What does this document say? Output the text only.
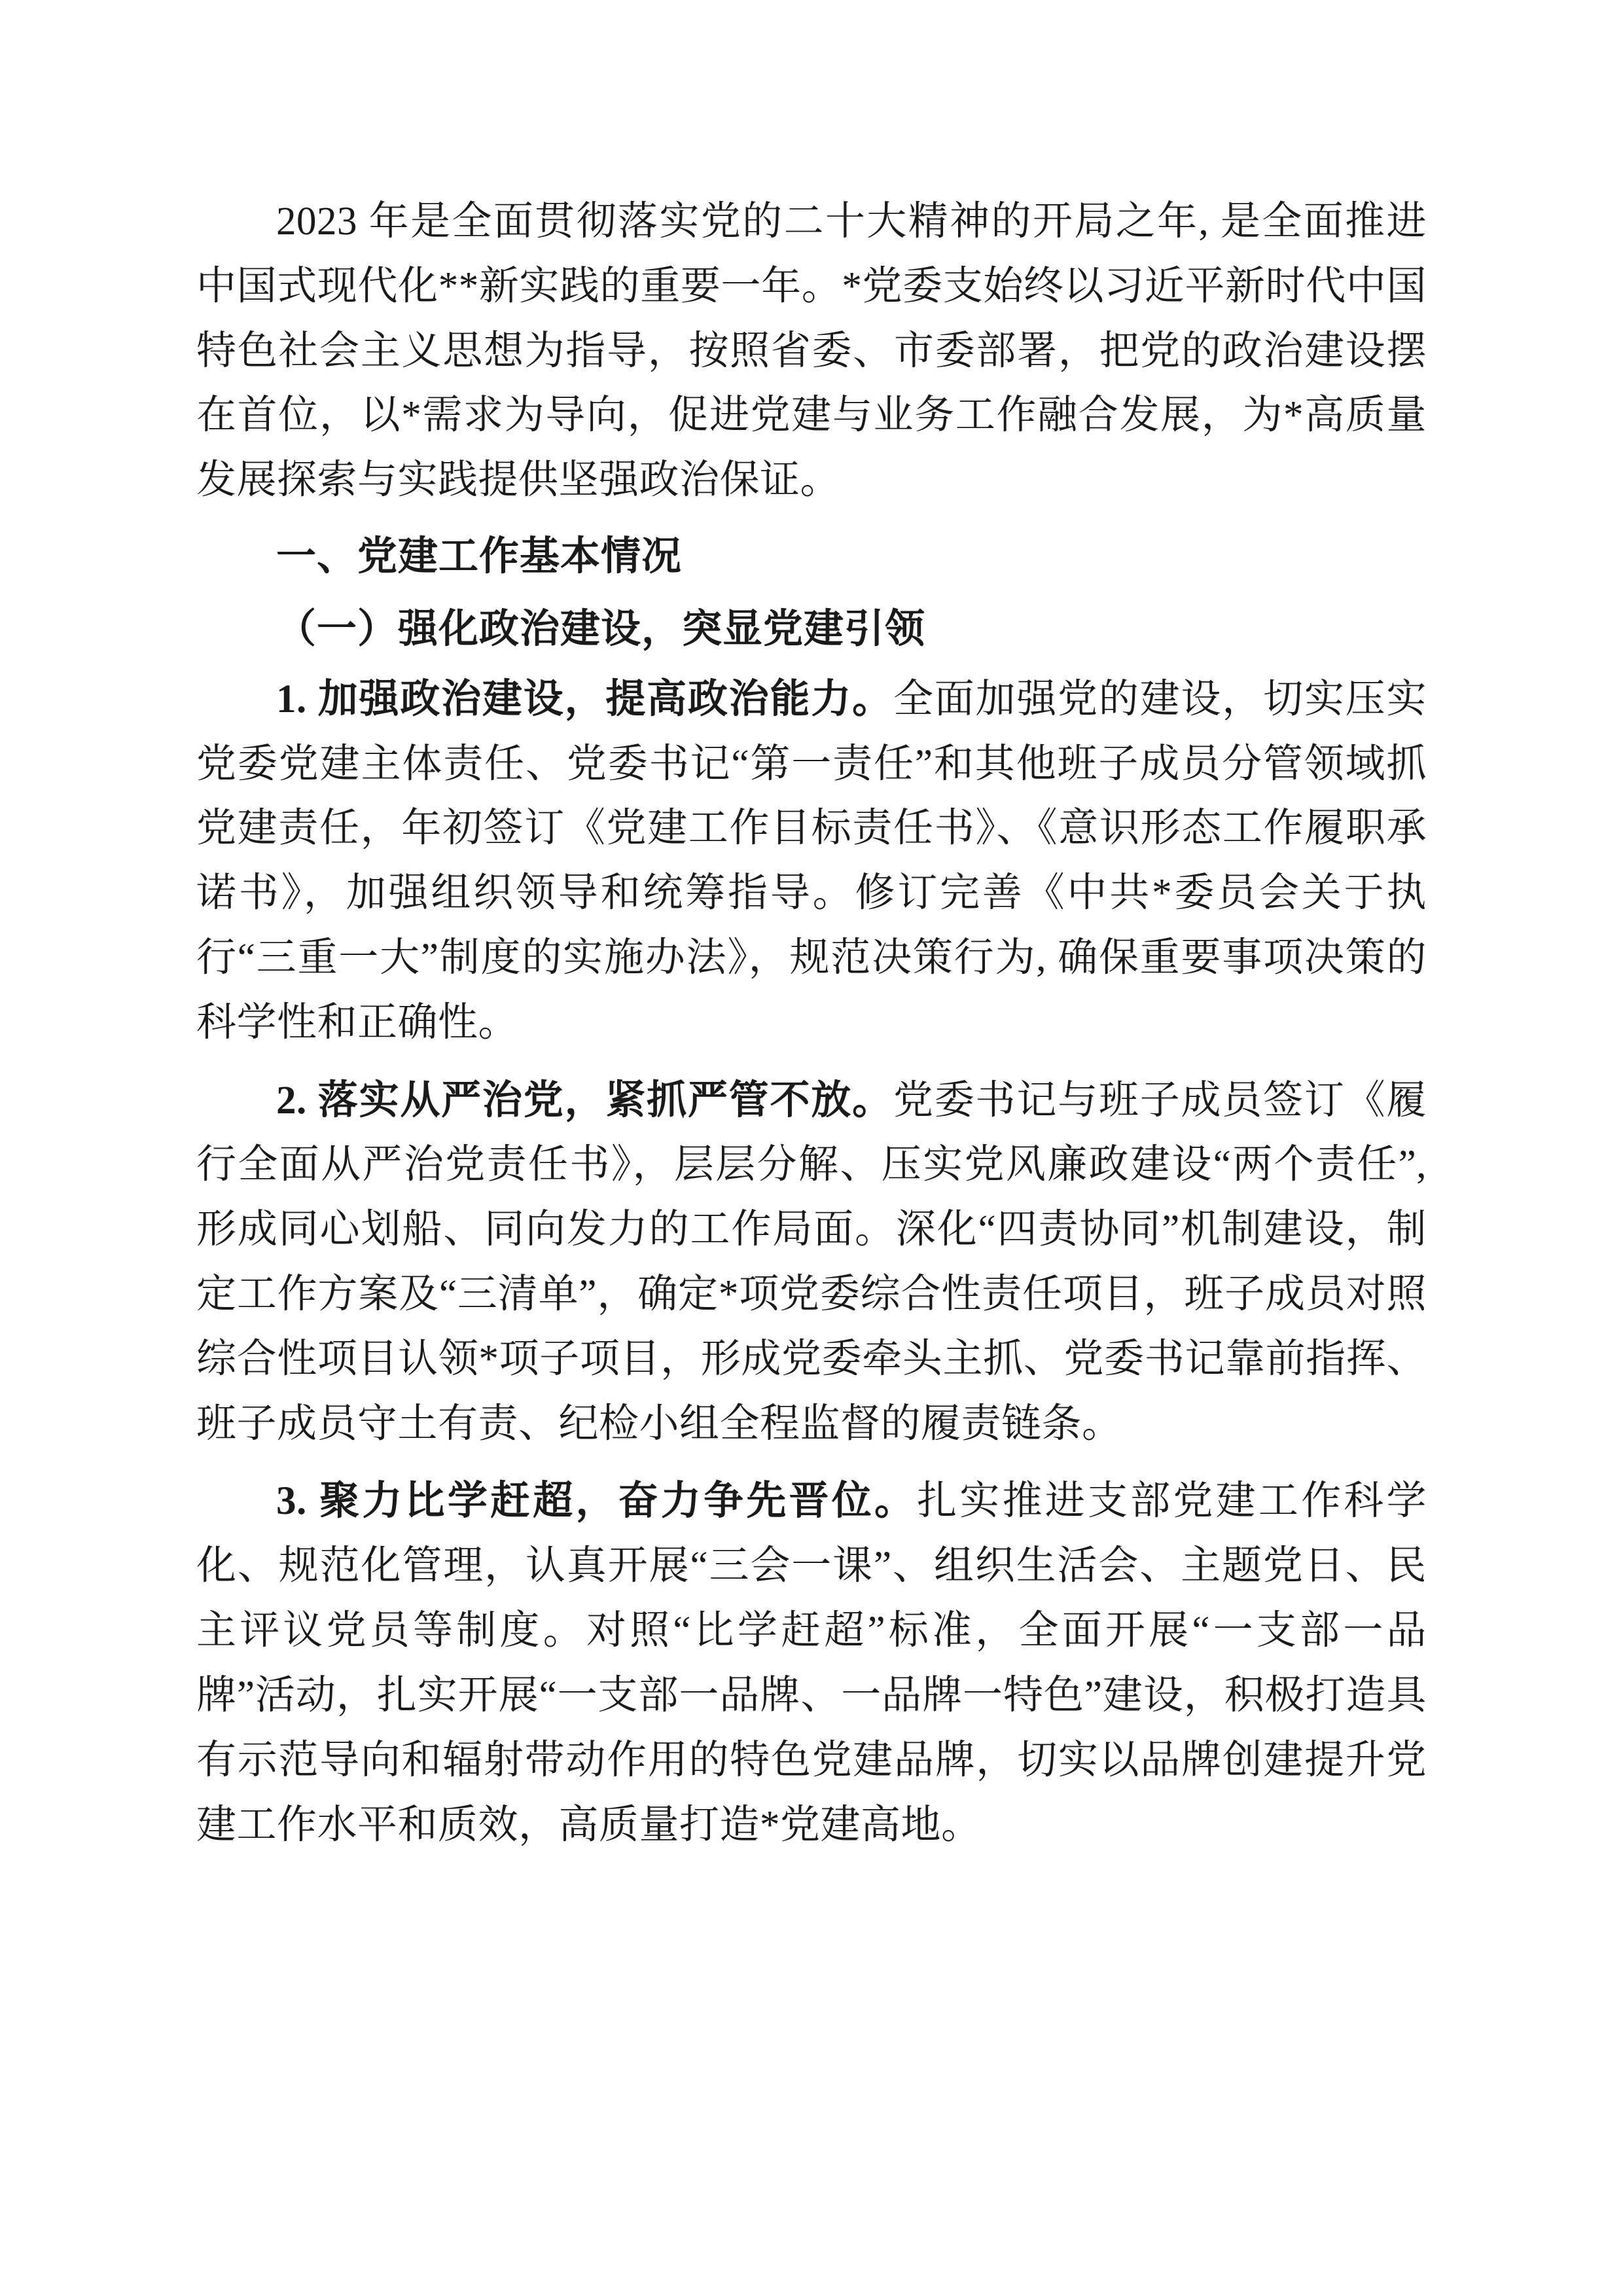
2023 年是全面贯彻落实党的二十大精神的开局之年, 是全面推进中国式现代化**新实践的重要一年。*党委支始终以习近平新时代中国特色社会主义思想为指导，按照省委、市委部署，把党的政治建设摆在首位，以*需求为导向，促进党建与业务工作融合发展，为*高质量发展探索与实践提供坚强政治保证。

一、党建工作基本情况

（一）强化政治建设，突显党建引领

1. 加强政治建设，提高政治能力。全面加强党的建设，切实压实党委党建主体责任、党委书记“第一责任”和其他班子成员分管领域抓党建责任，年初签订《党建工作目标责任书》、《意识形态工作履职承诺书》，加强组织领导和统筹指导。修订完善《中共*委员会关于执行“三重一大”制度的实施办法》，规范决策行为, 确保重要事项决策的科学性和正确性。

2. 落实从严治党，紧抓严管不放。党委书记与班子成员签订《履行全面从严治党责任书》，层层分解、压实党风廉政建设“两个责任”, 形成同心划船、同向发力的工作局面。深化“四责协同”机制建设，制定工作方案及“三清单”，确定*项党委综合性责任项目，班子成员对照综合性项目认领*项子项目，形成党委牵头主抓、党委书记靠前指挥、班子成员守土有责、纪检小组全程监督的履责链条。

3. 聚力比学赶超，奋力争先晋位。扎实推进支部党建工作科学化、规范化管理，认真开展“三会一课”、组织生活会、主题党日、民主评议党员等制度。对照“比学赶超”标准，全面开展“一支部一品牌”活动，扎实开展“一支部一品牌、一品牌一特色”建设，积极打造具有示范导向和辐射带动作用的特色党建品牌，切实以品牌创建提升党建工作水平和质效，高质量打造*党建高地。
